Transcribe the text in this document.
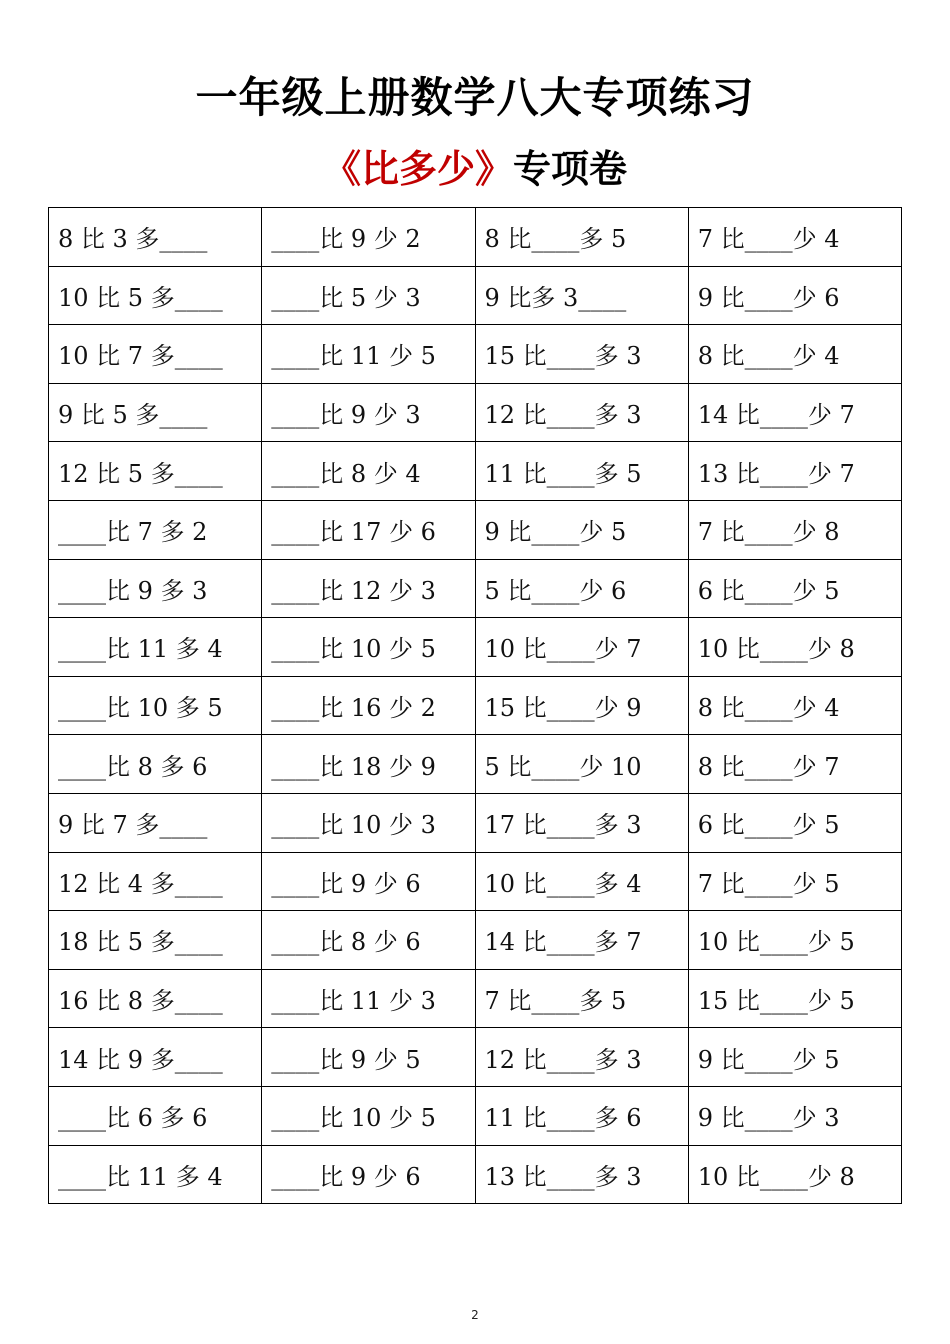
一年级上册数学八大专项练习
《比多少》专项卷
8 比 3 多____	____比 9 少 2	8 比____多 5	7 比____少 4
10 比 5 多____	____比 5 少 3	9 比多 3____	9 比____少 6
10 比 7 多____	____比 11 少 5	15 比____多 3	8 比____少 4
9 比 5 多____	____比 9 少 3	12 比____多 3	14 比____少 7
12 比 5 多____	____比 8 少 4	11 比____多 5	13 比____少 7
____比 7 多 2	____比 17 少 6	9 比____少 5	7 比____少 8
____比 9 多 3	____比 12 少 3	5 比____少 6	6 比____少 5
____比 11 多 4	____比 10 少 5	10 比____少 7	10 比____少 8
____比 10 多 5	____比 16 少 2	15 比____少 9	8 比____少 4
____比 8 多 6	____比 18 少 9	5 比____少 10	8 比____少 7
9 比 7 多____	____比 10 少 3	17 比____多 3	6 比____少 5
12 比 4 多____	____比 9 少 6	10 比____多 4	7 比____少 5
18 比 5 多____	____比 8 少 6	14 比____多 7	10 比____少 5
16 比 8 多____	____比 11 少 3	7 比____多 5	15 比____少 5
14 比 9 多____	____比 9 少 5	12 比____多 3	9 比____少 5
____比 6 多 6	____比 10 少 5	11 比____多 6	9 比____少 3
____比 11 多 4	____比 9 少 6	13 比____多 3	10 比____少 8
2
